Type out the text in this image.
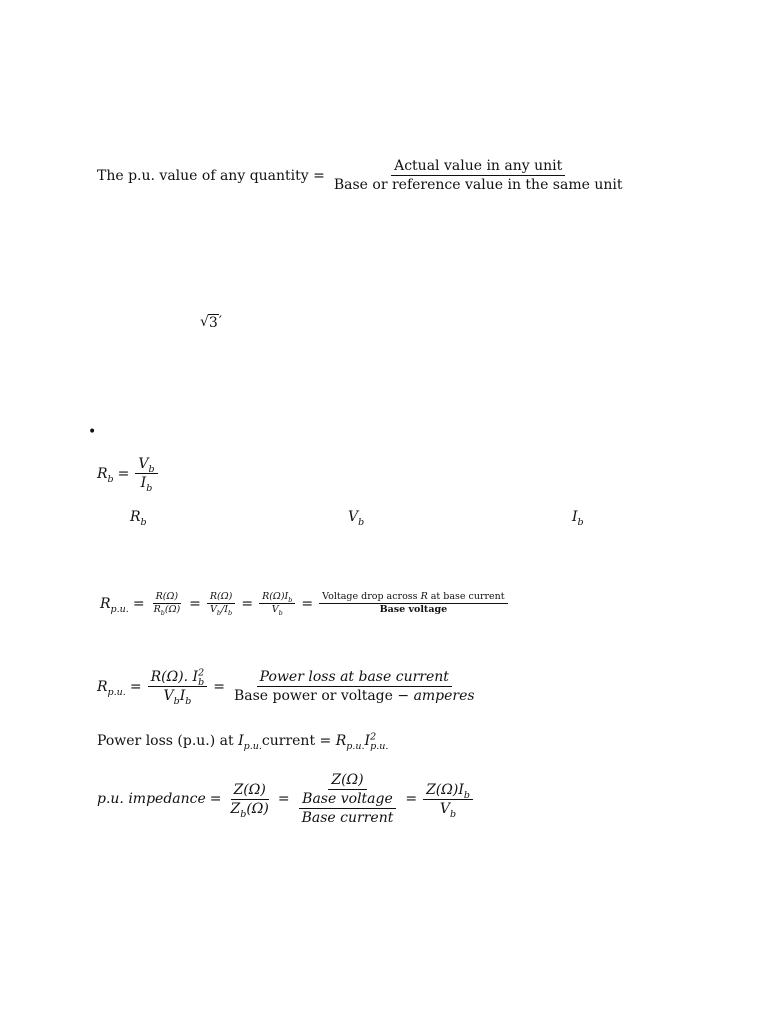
The p.u. value of any quantity = $\frac{\text{Actual value in any unit}}{\text{Base or reference value in the same unit}}$
√ 3 ′
•
$R_b = \frac{V_b}{I_b}$
$R_b$	$V_b$	$I_b$
$R_{p.u.} = \frac{R(\Omega)}{R_b(\Omega)} = \frac{R(\Omega)}{V_b/I_b} = \frac{R(\Omega)I_b}{V_b} = \frac{\text{Voltage drop across R at base current}}{\text{Base voltage}}$
$R_{p.u.} = \frac{R(\Omega). I^2_b}{V_bI_b} = \frac{\text{Power loss at base current}}{\text{Base power or voltage − amperes}}$
Power loss (p.u.) at $I_{p.u.}current = R_{p.u.}I^2_{p.u.}$
p.u. impedance = $\frac{Z(\Omega)}{Z_b(\Omega)} = \frac{Z(\Omega)}{\frac{\text{Base voltage}}{\text{Base current}}} = \frac{Z(\Omega)I_b}{V_b}$
